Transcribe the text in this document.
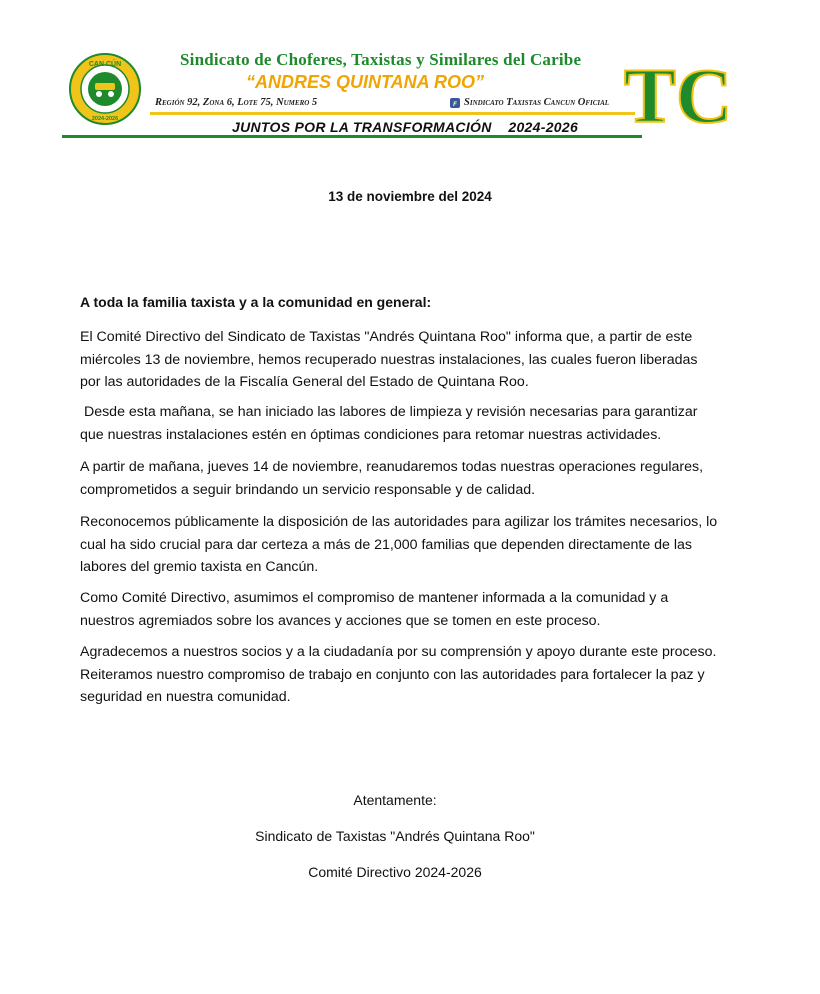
CAN CÚN
2024-2026
Sindicato de Choferes, Taxistas y Similares del Caribe
“ANDRES QUINTANA ROO”
Región 92, Zona 6, Lote 75, Numero 5	f Sindicato Taxistas Cancun Oficial
JUNTOS POR LA TRANSFORMACIÓN    2024-2026 TC
13 de noviembre del 2024
A toda la familia taxista y a la comunidad en general:
El Comité Directivo del Sindicato de Taxistas "Andrés Quintana Roo" informa que, a partir de este miércoles 13 de noviembre, hemos recuperado nuestras instalaciones, las cuales fueron liberadas por las autoridades de la Fiscalía General del Estado de Quintana Roo.
Desde esta mañana, se han iniciado las labores de limpieza y revisión necesarias para garantizar que nuestras instalaciones estén en óptimas condiciones para retomar nuestras actividades.
A partir de mañana, jueves 14 de noviembre, reanudaremos todas nuestras operaciones regulares, comprometidos a seguir brindando un servicio responsable y de calidad.
Reconocemos públicamente la disposición de las autoridades para agilizar los trámites necesarios, lo cual ha sido crucial para dar certeza a más de 21,000 familias que dependen directamente de las labores del gremio taxista en Cancún.
Como Comité Directivo, asumimos el compromiso de mantener informada a la comunidad y a nuestros agremiados sobre los avances y acciones que se tomen en este proceso.
Agradecemos a nuestros socios y a la ciudadanía por su comprensión y apoyo durante este proceso. Reiteramos nuestro compromiso de trabajo en conjunto con las autoridades para fortalecer la paz y seguridad en nuestra comunidad.
Atentamente:
Sindicato de Taxistas "Andrés Quintana Roo"
Comité Directivo 2024-2026
